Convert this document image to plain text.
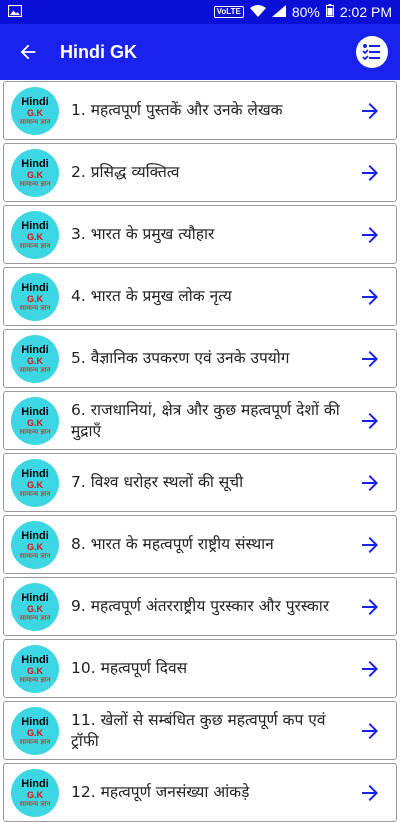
VoLTE	80% 2:02 PM
Hindi GK
Hindi
G.K
सामान्य ज्ञान
1. महत्वपूर्ण पुस्तकें और उनके लेखक
Hindi
G.K
सामान्य ज्ञान
2. प्रसिद्ध व्यक्तित्व
Hindi
G.K
सामान्य ज्ञान
3. भारत के प्रमुख त्यौहार
Hindi
G.K
सामान्य ज्ञान
4. भारत के प्रमुख लोक नृत्य
Hindi
G.K
सामान्य ज्ञान
5. वैज्ञानिक उपकरण एवं उनके उपयोग
Hindi
G.K
सामान्य ज्ञान
6. राजधानियां, क्षेत्र और कुछ महत्वपूर्ण देशों की मुद्राएँ
Hindi
G.K
सामान्य ज्ञान
7. विश्व धरोहर स्थलों की सूची
Hindi
G.K
सामान्य ज्ञान
8. भारत के महत्वपूर्ण राष्ट्रीय संस्थान
Hindi
G.K
सामान्य ज्ञान
9. महत्वपूर्ण अंतरराष्ट्रीय पुरस्कार और पुरस्कार
Hindi
G.K
सामान्य ज्ञान
10. महत्वपूर्ण दिवस
Hindi
G.K
सामान्य ज्ञान
11. खेलों से सम्बंधित कुछ महत्वपूर्ण कप एवं ट्रॉफी
Hindi
G.K
सामान्य ज्ञान
12. महत्वपूर्ण जनसंख्या आंकड़े
